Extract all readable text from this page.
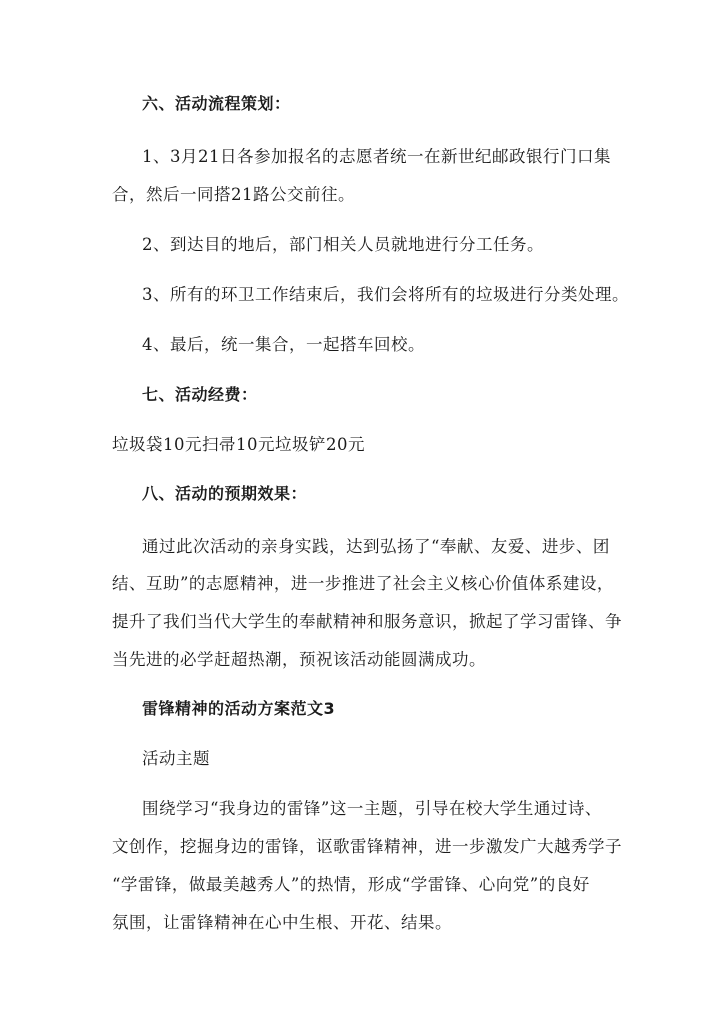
六、活动流程策划：
1、3月21日各参加报名的志愿者统一在新世纪邮政银行门口集
合，然后一同搭21路公交前往。
2、到达目的地后，部门相关人员就地进行分工任务。
3、所有的环卫工作结束后，我们会将所有的垃圾进行分类处理。
4、最后，统一集合，一起搭车回校。
七、活动经费：
垃圾袋10元扫帚10元垃圾铲20元
八、活动的预期效果：
通过此次活动的亲身实践，达到弘扬了“奉献、友爱、进步、团
结、互助”的志愿精神，进一步推进了社会主义核心价值体系建设，
提升了我们当代大学生的奉献精神和服务意识，掀起了学习雷锋、争
当先进的必学赶超热潮，预祝该活动能圆满成功。
雷锋精神的活动方案范文3
活动主题
围绕学习“我身边的雷锋”这一主题，引导在校大学生通过诗、
文创作，挖掘身边的雷锋，讴歌雷锋精神，进一步激发广大越秀学子
“学雷锋，做最美越秀人”的热情，形成“学雷锋、心向党”的良好
氛围，让雷锋精神在心中生根、开花、结果。
